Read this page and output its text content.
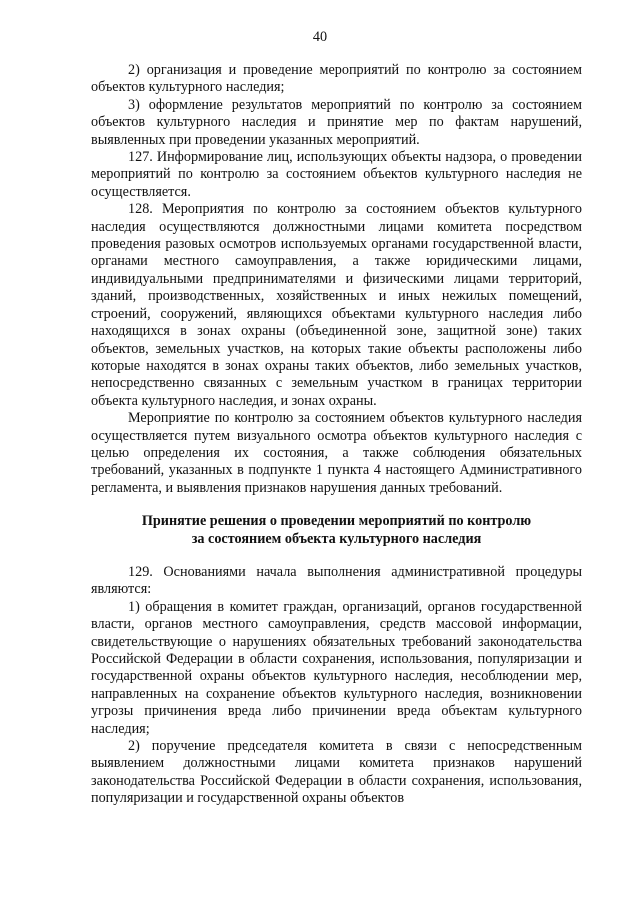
40

2) организация и проведение мероприятий по контролю за состоянием объектов культурного наследия;

3) оформление результатов мероприятий по контролю за состоянием объектов культурного наследия и принятие мер по фактам нарушений, выявленных при проведении указанных мероприятий.

127. Информирование лиц, использующих объекты надзора, о проведении мероприятий по контролю за состоянием объектов культурного наследия не осуществляется.

128. Мероприятия по контролю за состоянием объектов культурного наследия осуществляются должностными лицами комитета посредством проведения разовых осмотров используемых органами государственной власти, органами местного самоуправления, а также юридическими лицами, индивидуальными предпринимателями и физическими лицами территорий, зданий, производственных, хозяйственных и иных нежилых помещений, строений, сооружений, являющихся объектами культурного наследия либо находящихся в зонах охраны (объединенной зоне, защитной зоне) таких объектов, земельных участков, на которых такие объекты расположены либо которые находятся в зонах охраны таких объектов, либо земельных участков, непосредственно связанных с земельным участком в границах территории объекта культурного наследия, и зонах охраны.

Мероприятие по контролю за состоянием объектов культурного наследия осуществляется путем визуального осмотра объектов культурного наследия с целью определения их состояния, а также соблюдения обязательных требований, указанных в подпункте 1 пункта 4 настоящего Административного регламента, и выявления признаков нарушения данных требований.

Принятие решения о проведении мероприятий по контролю
за состоянием объекта культурного наследия

129. Основаниями начала выполнения административной процедуры являются:

1) обращения в комитет граждан, организаций, органов государственной власти, органов местного самоуправления, средств массовой информации, свидетельствующие о нарушениях обязательных требований законодательства Российской Федерации в области сохранения, использования, популяризации и государственной охраны объектов культурного наследия, несоблюдении мер, направленных на сохранение объектов культурного наследия, возникновении угрозы причинения вреда либо причинении вреда объектам культурного наследия;

2) поручение председателя комитета в связи с непосредственным выявлением должностными лицами комитета признаков нарушений законодательства Российской Федерации в области сохранения, использования, популяризации и государственной охраны объектов
